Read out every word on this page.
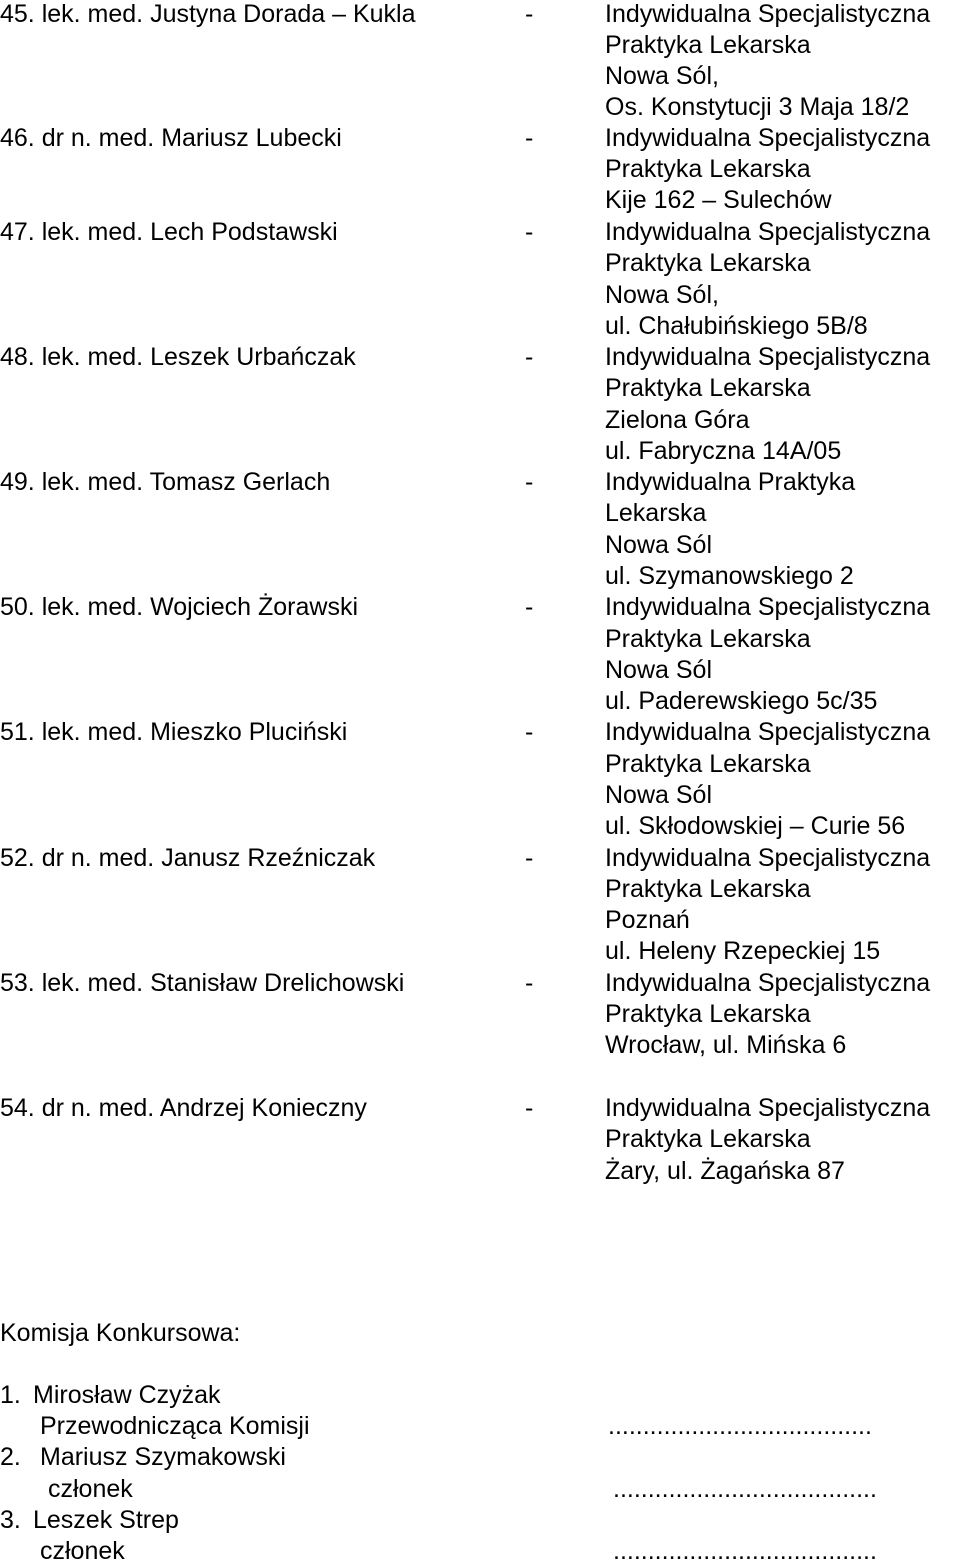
45. lek. med. Justyna Dorada – Kukla	-	Indywidualna Specjalistyczna
Praktyka Lekarska
Nowa Sól,
Os. Konstytucji 3 Maja 18/2
46. dr n. med. Mariusz Lubecki	-	Indywidualna Specjalistyczna
Praktyka Lekarska
Kije 162 – Sulechów
47. lek. med. Lech Podstawski	-	Indywidualna Specjalistyczna
Praktyka Lekarska
Nowa Sól,
ul. Chałubińskiego 5B/8
48. lek. med. Leszek Urbańczak	-	Indywidualna Specjalistyczna
Praktyka Lekarska
Zielona Góra
ul. Fabryczna 14A/05
49. lek. med. Tomasz Gerlach	-	Indywidualna Praktyka
Lekarska
Nowa Sól
ul. Szymanowskiego 2
50. lek. med. Wojciech Żorawski	-	Indywidualna Specjalistyczna
Praktyka Lekarska
Nowa Sól
ul. Paderewskiego 5c/35
51. lek. med. Mieszko Pluciński	-	Indywidualna Specjalistyczna
Praktyka Lekarska
Nowa Sól
ul. Skłodowskiej – Curie 56
52. dr n. med. Janusz Rzeźniczak	-	Indywidualna Specjalistyczna
Praktyka Lekarska
Poznań
ul. Heleny Rzepeckiej 15
53. lek. med. Stanisław Drelichowski	-	Indywidualna Specjalistyczna
Praktyka Lekarska
Wrocław, ul. Mińska 6
54. dr n. med. Andrzej Konieczny	-	Indywidualna Specjalistyczna
Praktyka Lekarska
Żary, ul. Żagańska 87
Komisja Konkursowa:
1. Mirosław Czyżak
Przewodnicząca Komisji	......................................
2. Mariusz Szymakowski
członek	......................................
3. Leszek Strep
członek	......................................
